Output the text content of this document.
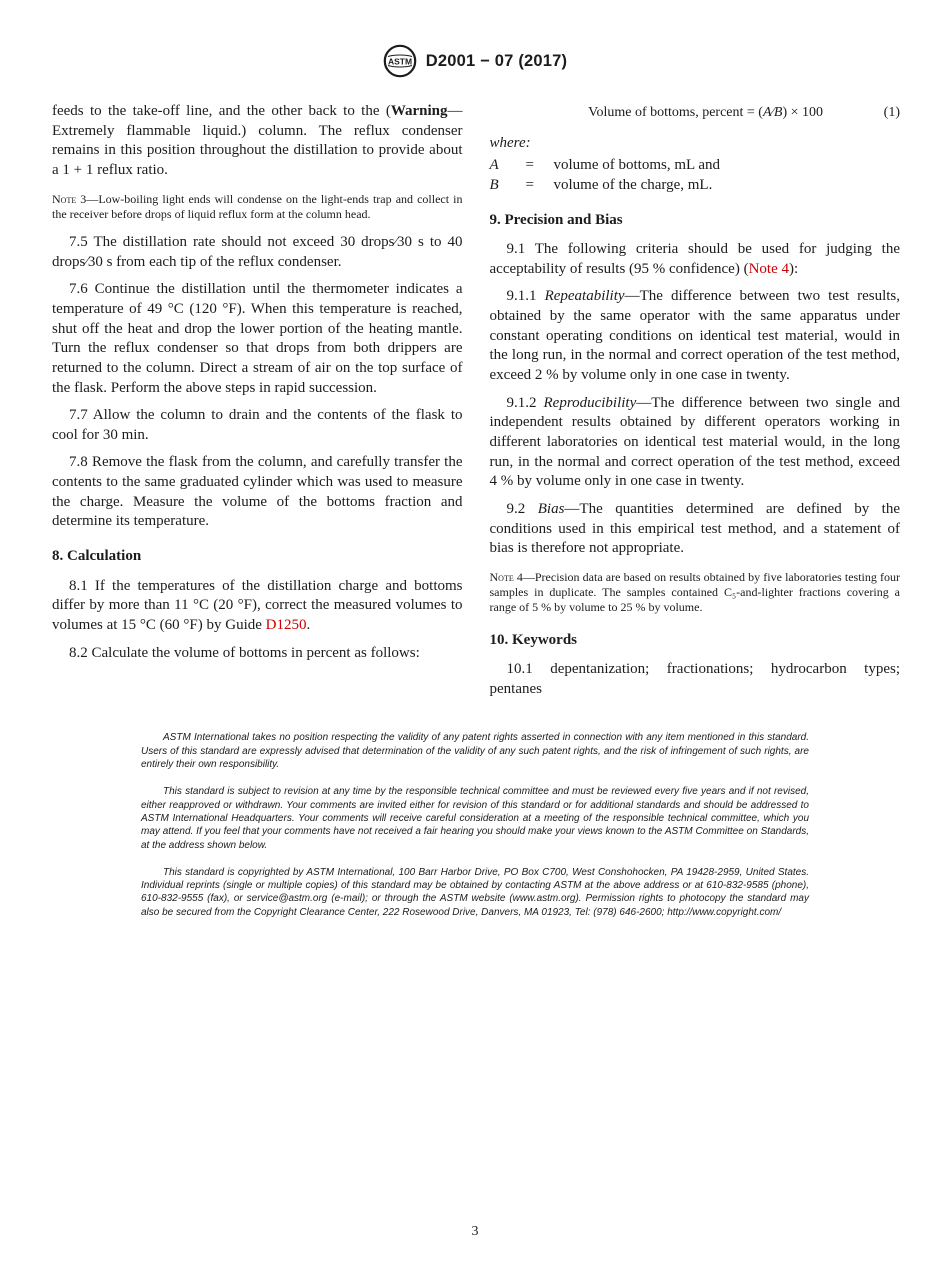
ASTM D2001 − 07 (2017)

feeds to the take-off line, and the other back to the (Warning—Extremely flammable liquid.) column. The reflux condenser remains in this position throughout the distillation to provide about a 1 + 1 reflux ratio.

Note 3—Low-boiling light ends will condense on the light-ends trap and collect in the receiver before drops of liquid reflux form at the column head.

7.5 The distillation rate should not exceed 30 drops⁄30 s to 40 drops⁄30 s from each tip of the reflux condenser.

7.6 Continue the distillation until the thermometer indicates a temperature of 49 °C (120 °F). When this temperature is reached, shut off the heat and drop the lower portion of the heating mantle. Turn the reflux condenser so that drops from both drippers are returned to the column. Direct a stream of air on the top surface of the flask. Perform the above steps in rapid succession.

7.7 Allow the column to drain and the contents of the flask to cool for 30 min.

7.8 Remove the flask from the column, and carefully transfer the contents to the same graduated cylinder which was used to measure the charge. Measure the volume of the bottoms fraction and determine its temperature.

8. Calculation

8.1 If the temperatures of the distillation charge and bottoms differ by more than 11 °C (20 °F), correct the measured volumes to volumes at 15 °C (60 °F) by Guide D1250.

8.2 Calculate the volume of bottoms in percent as follows:

Volume of bottoms, percent = (A⁄B) × 100	(1)

where:

A	=	volume of bottoms, mL and
B	=	volume of the charge, mL.
9. Precision and Bias

9.1 The following criteria should be used for judging the acceptability of results (95 % confidence) (Note 4):

9.1.1 Repeatability—The difference between two test results, obtained by the same operator with the same apparatus under constant operating conditions on identical test material, would in the long run, in the normal and correct operation of the test method, exceed 2 % by volume only in one case in twenty.

9.1.2 Reproducibility—The difference between two single and independent results obtained by different operators working in different laboratories on identical test material would, in the long run, in the normal and correct operation of the test method, exceed 4 % by volume only in one case in twenty.

9.2 Bias—The quantities determined are defined by the conditions used in this empirical test method, and a statement of bias is therefore not appropriate.

Note 4—Precision data are based on results obtained by five laboratories testing four samples in duplicate. The samples contained C₅-and-lighter fractions covering a range of 5 % by volume to 25 % by volume.

10. Keywords

10.1 depentanization; fractionations; hydrocarbon types; pentanes

ASTM International takes no position respecting the validity of any patent rights asserted in connection with any item mentioned in this standard. Users of this standard are expressly advised that determination of the validity of any such patent rights, and the risk of infringement of such rights, are entirely their own responsibility.

This standard is subject to revision at any time by the responsible technical committee and must be reviewed every five years and if not revised, either reapproved or withdrawn. Your comments are invited either for revision of this standard or for additional standards and should be addressed to ASTM International Headquarters. Your comments will receive careful consideration at a meeting of the responsible technical committee, which you may attend. If you feel that your comments have not received a fair hearing you should make your views known to the ASTM Committee on Standards, at the address shown below.

This standard is copyrighted by ASTM International, 100 Barr Harbor Drive, PO Box C700, West Conshohocken, PA 19428-2959, United States. Individual reprints (single or multiple copies) of this standard may be obtained by contacting ASTM at the above address or at 610-832-9585 (phone), 610-832-9555 (fax), or service@astm.org (e-mail); or through the ASTM website (www.astm.org). Permission rights to photocopy the standard may also be secured from the Copyright Clearance Center, 222 Rosewood Drive, Danvers, MA 01923, Tel: (978) 646-2600; http://www.copyright.com/

3
